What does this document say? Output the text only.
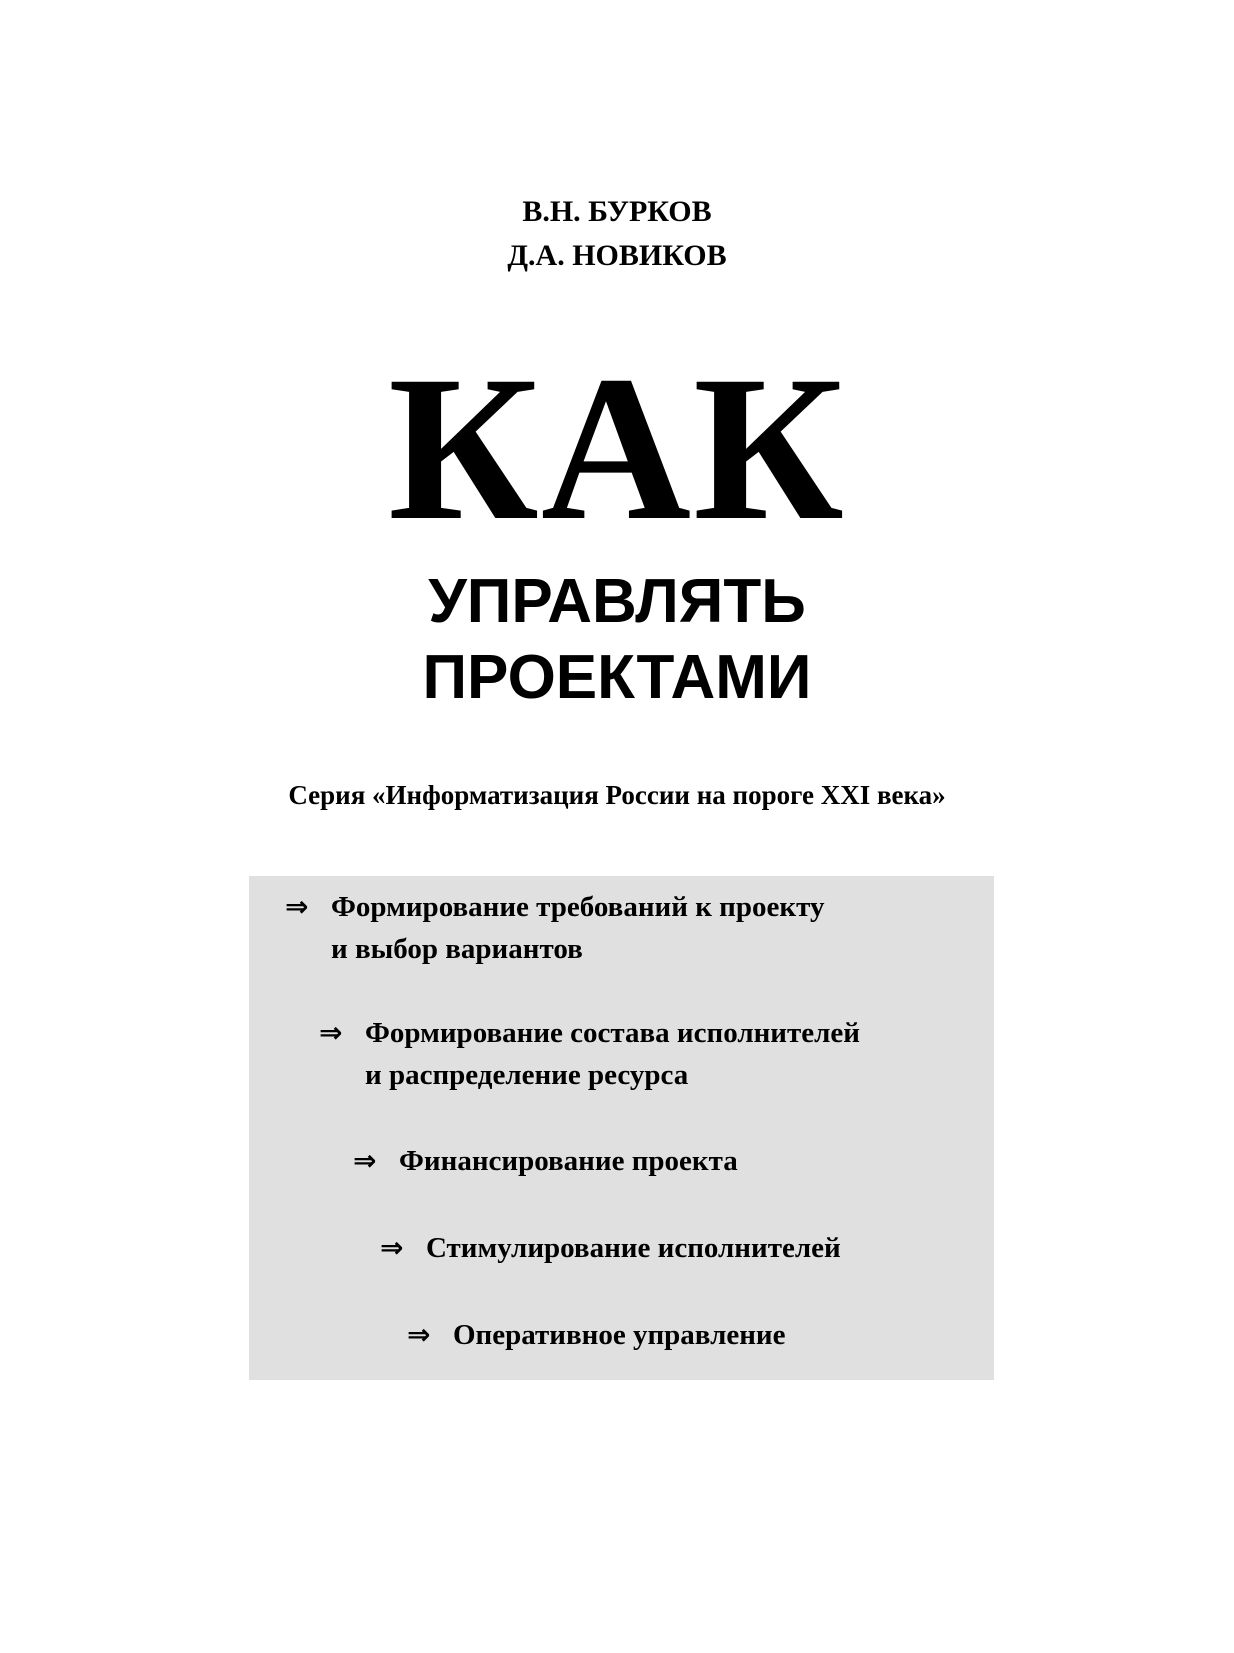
В.Н. БУРКОВ
Д.А. НОВИКОВ
КАК
УПРАВЛЯТЬ
ПРОЕКТАМИ
Серия «Информатизация России на пороге XXI века»
⇒ Формирование требований к проекту
и выбор вариантов
⇒ Формирование состава исполнителей
и распределение ресурса
⇒ Финансирование проекта
⇒ Стимулирование исполнителей
⇒ Оперативное управление
